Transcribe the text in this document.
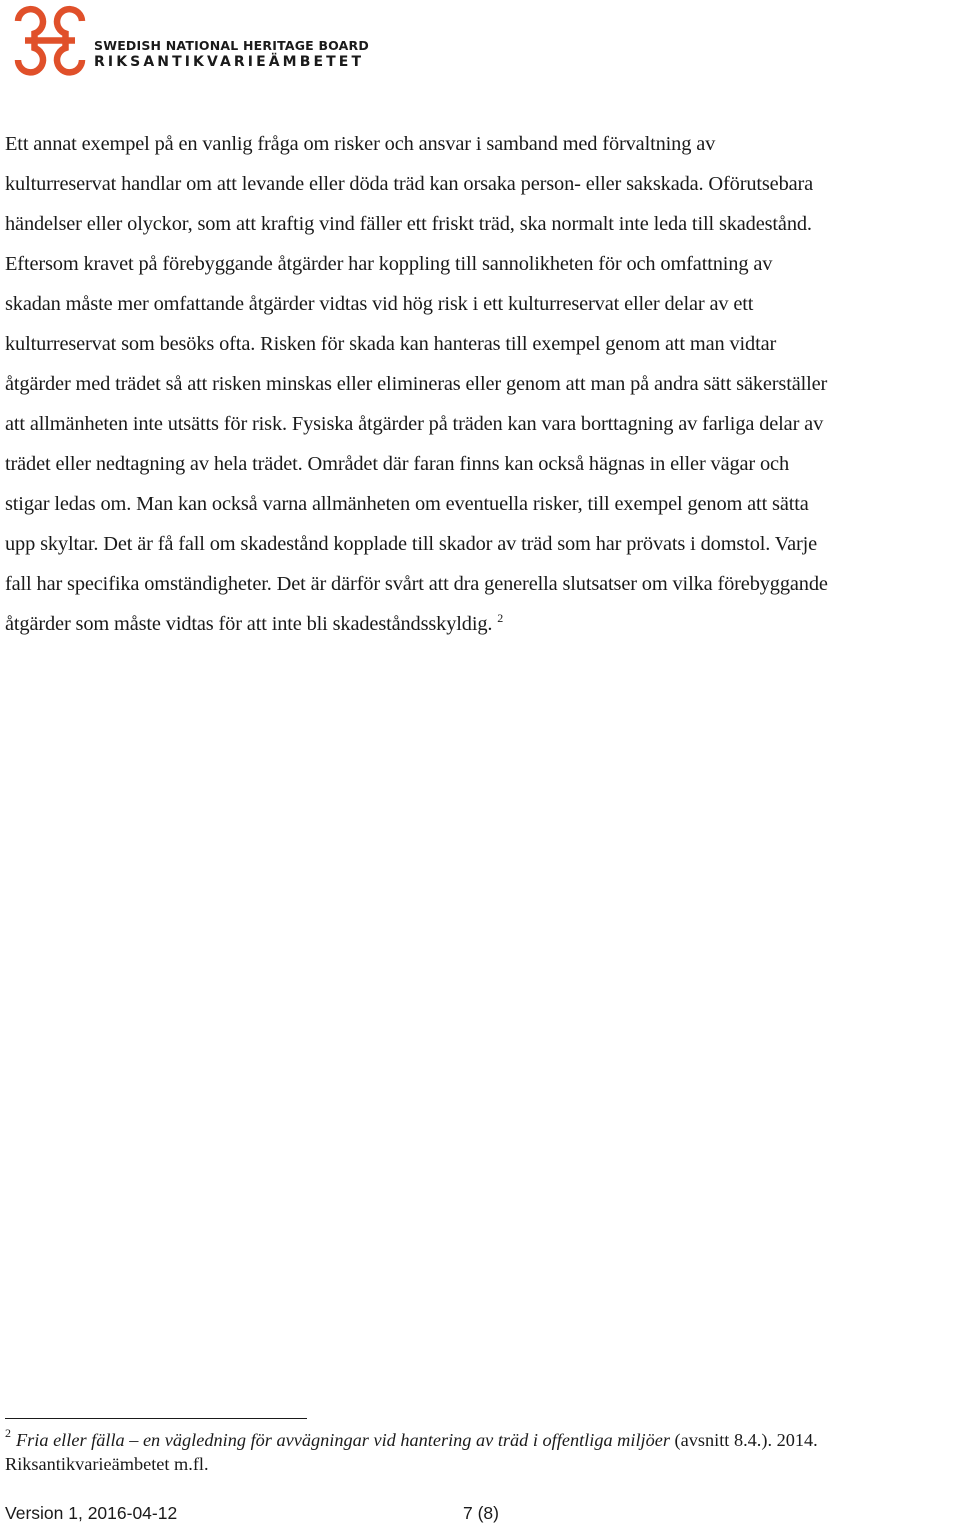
SWEDISH NATIONAL HERITAGE BOARD
RIKSANTIKVARIEÄMBETET

Ett annat exempel på en vanlig fråga om risker och ansvar i samband med förvaltning av
kulturreservat handlar om att levande eller döda träd kan orsaka person- eller sakskada. Oförutsebara
händelser eller olyckor, som att kraftig vind fäller ett friskt träd, ska normalt inte leda till skadestånd.
Eftersom kravet på förebyggande åtgärder har koppling till sannolikheten för och omfattning av
skadan måste mer omfattande åtgärder vidtas vid hög risk i ett kulturreservat eller delar av ett
kulturreservat som besöks ofta. Risken för skada kan hanteras till exempel genom att man vidtar
åtgärder med trädet så att risken minskas eller elimineras eller genom att man på andra sätt säkerställer
att allmänheten inte utsätts för risk. Fysiska åtgärder på träden kan vara borttagning av farliga delar av
trädet eller nedtagning av hela trädet. Området där faran finns kan också hägnas in eller vägar och
stigar ledas om. Man kan också varna allmänheten om eventuella risker, till exempel genom att sätta
upp skyltar. Det är få fall om skadestånd kopplade till skador av träd som har prövats i domstol. Varje
fall har specifika omständigheter. Det är därför svårt att dra generella slutsatser om vilka förebyggande
åtgärder som måste vidtas för att inte bli skadeståndsskyldig. $^2$

$^2$ Fria eller fälla – en vägledning för avvägningar vid hantering av träd i offentliga miljöer (avsnitt 8.4.). 2014.
Riksantikvarieämbetet m.fl.
Version 1, 2016-04-12	7 (8)
